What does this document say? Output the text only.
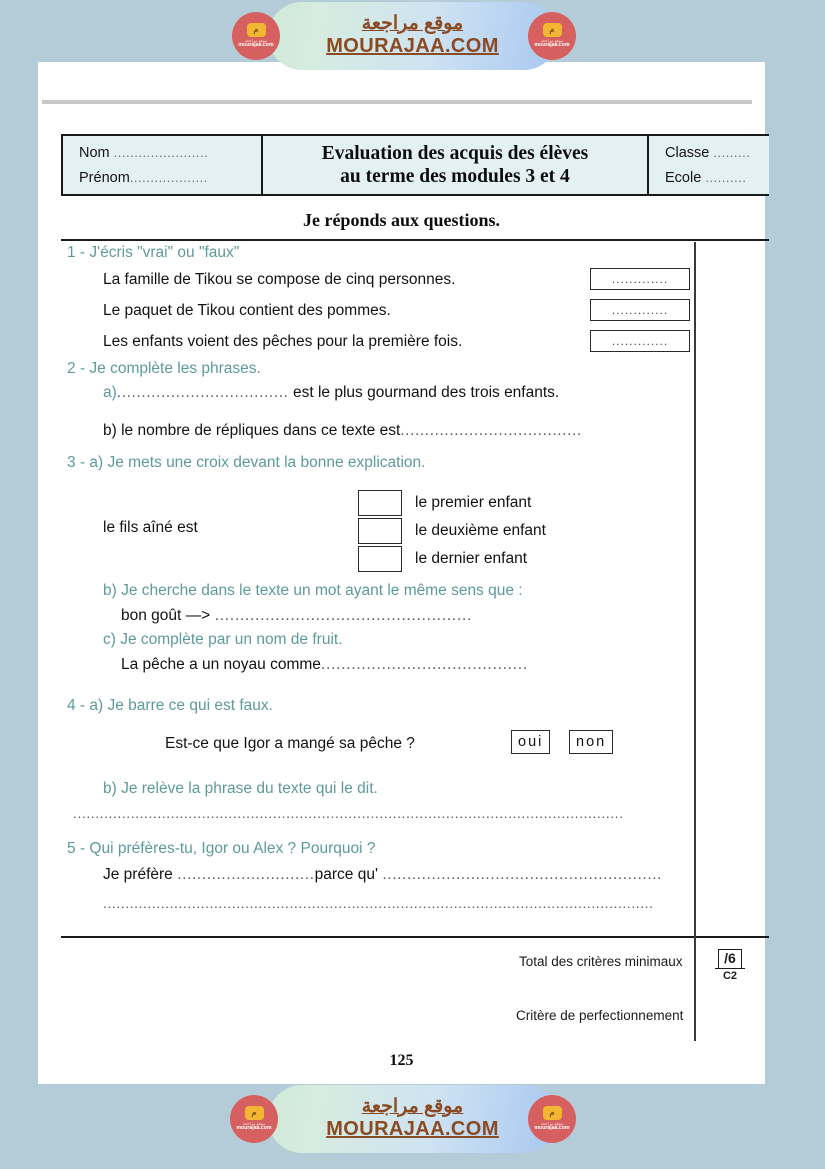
م
موقع مراجعة
mourajaa.com
موقع مراجعة
MOURAJAA.COM
م
موقع مراجعة
mourajaa.com
Nom .......................
Prénom...................
Evaluation des acquis des élèves
au terme des modules 3 et 4
Classe .........
Ecole ..........
Je réponds aux questions.
1 - J'écris "vrai" ou "faux"
La famille de Tikou se compose de cinq personnes.
Le paquet de Tikou contient des pommes.
Les enfants voient des pêches pour la première fois.
.............
.............
.............
2 - Je complète les phrases.
a)................................... est le plus gourmand des trois enfants.
b) le nombre de répliques dans ce texte est.....................................
3 - a) Je mets une croix devant la bonne explication.
le fils aîné est
le premier enfant
le deuxième enfant
le dernier enfant
b) Je cherche dans le texte un mot ayant le même sens que :
bon goût —> ...................................................
c) Je complète par un nom de fruit.
La pêche a un noyau comme.........................................
4 - a) Je barre ce qui est faux.
Est-ce que Igor a mangé sa pêche ?	oui	non
b) Je relève la phrase du texte qui le dit.
............................................................................................................................
5 - Qui préfères-tu, Igor ou Alex ? Pourquoi ?
Je préfère ............................parce qu' .........................................................
............................................................................................................................
Total des critères minimaux
Critère de perfectionnement
/6
C2
125
م
موقع مراجعة
mourajaa.com
موقع مراجعة
MOURAJAA.COM
م
موقع مراجعة
mourajaa.com
